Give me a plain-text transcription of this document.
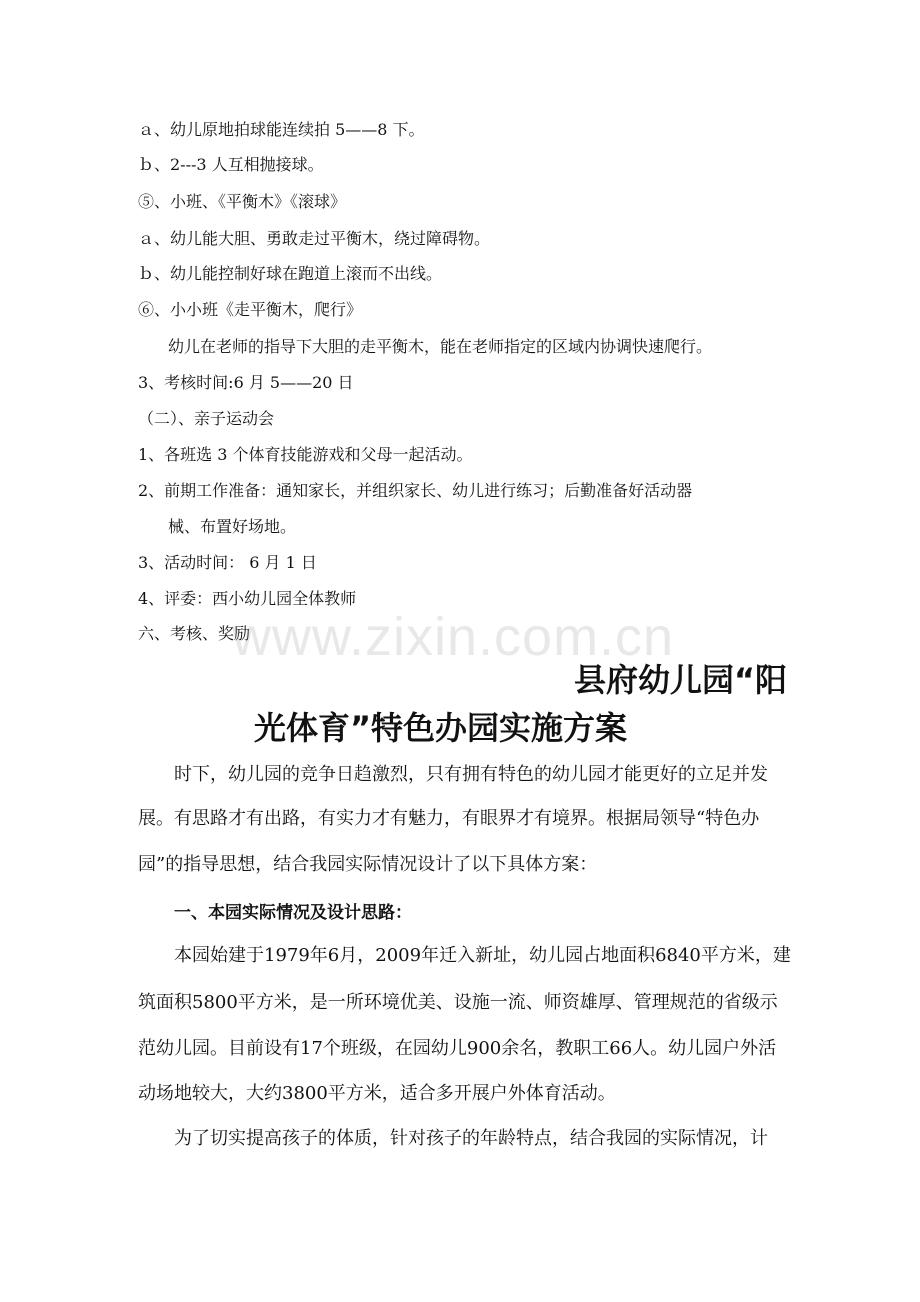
ａ、幼儿原地拍球能连续拍 5——8 下。
ｂ、2---3 人互相抛接球。
⑤、小班、《平衡木》《滚球》
ａ、幼儿能大胆、勇敢走过平衡木，绕过障碍物。
ｂ、幼儿能控制好球在跑道上滚而不出线。
⑥、小小班《走平衡木，爬行》
幼儿在老师的指导下大胆的走平衡木，能在老师指定的区域内协调快速爬行。
3、考核时间:6 月 5——20 日
（二）、亲子运动会
1、各班选 3 个体育技能游戏和父母一起活动。
2、前期工作准备：通知家长，并组织家长、幼儿进行练习；后勤准备好活动器
械、布置好场地。
3、活动时间： 6 月 1 日
4、评委：西小幼儿园全体教师
六、考核、奖励
www.zixin.com.cn
县府幼儿园“阳
光体育”特色办园实施方案
时下，幼儿园的竞争日趋激烈，只有拥有特色的幼儿园才能更好的立足并发
展。有思路才有出路，有实力才有魅力，有眼界才有境界。根据局领导“特色办
园”的指导思想，结合我园实际情况设计了以下具体方案：
一、本园实际情况及设计思路：
本园始建于1979年6月，2009年迁入新址，幼儿园占地面积6840平方米，建
筑面积5800平方米，是一所环境优美、设施一流、师资雄厚、管理规范的省级示
范幼儿园。目前设有17个班级，在园幼儿900余名，教职工66人。幼儿园户外活
动场地较大，大约3800平方米，适合多开展户外体育活动。
为了切实提高孩子的体质，针对孩子的年龄特点，结合我园的实际情况，计
